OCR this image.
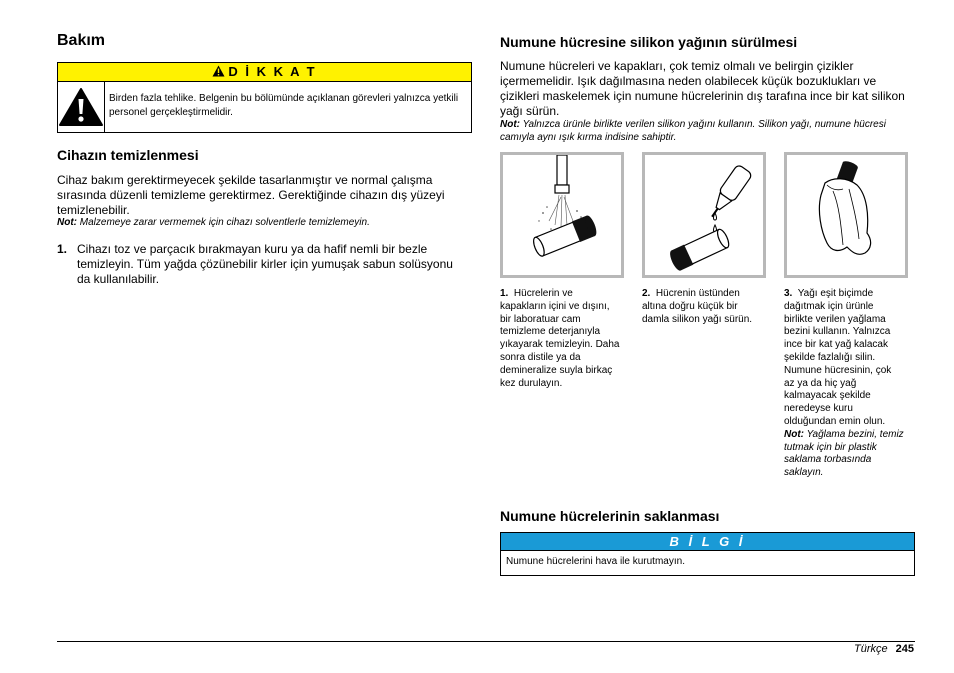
Bakım
D İ K K A T
Birden fazla tehlike. Belgenin bu bölümünde açıklanan görevleri yalnızca yetkili personel gerçekleştirmelidir.
Cihazın temizlenmesi

Cihaz bakım gerektirmeyecek şekilde tasarlanmıştır ve normal çalışma sırasında düzenli temizleme gerektirmez. Gerektiğinde cihazın dış yüzeyi temizlenebilir.

Not: Malzemeye zarar vermemek için cihazı solventlerle temizlemeyin.

1. Cihazı toz ve parçacık bırakmayan kuru ya da hafif nemli bir bezle temizleyin. Tüm yağda çözünebilir kirler için yumuşak sabun solüsyonu da kullanılabilir.
Numune hücresine silikon yağının sürülmesi

Numune hücreleri ve kapakları, çok temiz olmalı ve belirgin çizikler içermemelidir. Işık dağılmasına neden olabilecek küçük bozuklukları ve çizikleri maskelemek için numune hücrelerinin dış tarafına ince bir kat silikon yağı sürün.

Not: Yalnızca ürünle birlikte verilen silikon yağını kullanın. Silikon yağı, numune hücresi camıyla aynı ışık kırma indisine sahiptir.

1. Hücrelerin ve kapakların içini ve dışını, bir laboratuar cam temizleme deterjanıyla yıkayarak temizleyin. Daha sonra distile ya da demineralize suyla birkaç kez durulayın.
2. Hücrenin üstünden altına doğru küçük bir damla silikon yağı sürün.
3. Yağı eşit biçimde dağıtmak için ürünle birlikte verilen yağlama bezini kullanın. Yalnızca ince bir kat yağ kalacak şekilde fazlalığı silin. Numune hücresinin, çok az ya da hiç yağ kalmayacak şekilde neredeyse kuru olduğundan emin olun.
Not: Yağlama bezini, temiz tutmak için bir plastik saklama torbasında saklayın.
Numune hücrelerinin saklanması
B İ L G İ
Numune hücrelerini hava ile kurutmayın.
Türkçe 245
